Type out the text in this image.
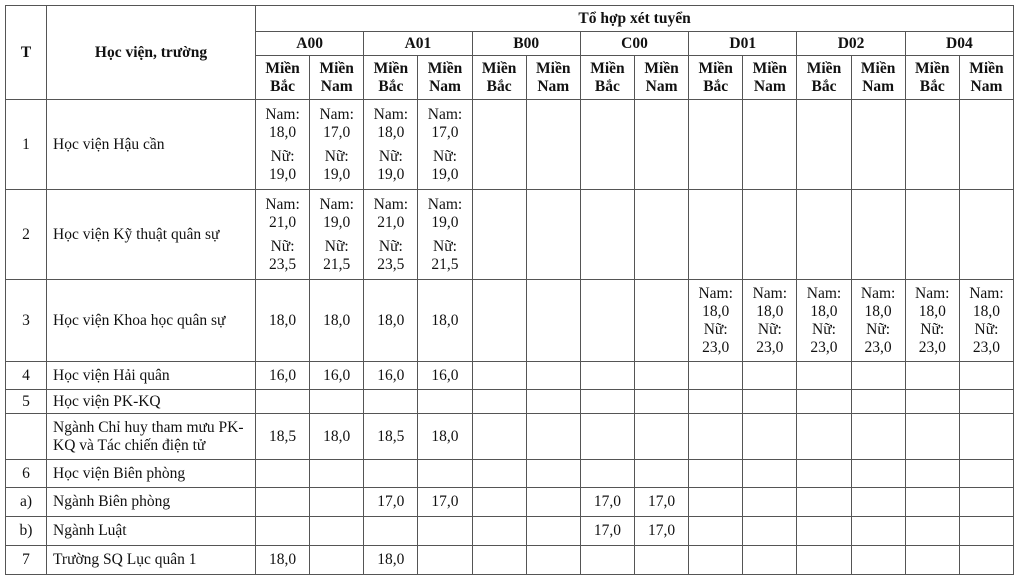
T	Học viện, trường	Tổ hợp xét tuyển													
		A00		A01		B00		C00		D01		D02		D04	
		Miền Bắc	Miền Nam	Miền Bắc	Miền Nam	Miền Bắc	Miền Nam	Miền Bắc	Miền Nam	Miền Bắc	Miền Nam	Miền Bắc	Miền Nam	Miền Bắc	Miền Nam
1	Học viện Hậu cần	Nam:
18,0
Nữ:
19,0	Nam:
17,0
Nữ:
19,0	Nam:
18,0
Nữ:
19,0	Nam:
17,0
Nữ:
19,0										

2	Học viện Kỹ thuật quân sự	Nam:
21,0
Nữ:
23,5	Nam:
19,0
Nữ:
21,5	Nam:
21,0
Nữ:
23,5	Nam:
19,0
Nữ:
21,5										

3	Học viện Khoa học quân sự	18,0	18,0	18,0	18,0					Nam:
18,0
Nữ:
23,0	Nam:
18,0
Nữ:
23,0	Nam:
18,0
Nữ:
23,0	Nam:
18,0
Nữ:
23,0	Nam:
18,0
Nữ:
23,0	Nam:
18,0
Nữ:
23,0

4	Học viện Hải quân	16,0	16,0	16,0	16,0										

5	Học viện PK-KQ														
	Ngành Chỉ huy tham mưu PK-KQ và Tác chiến điện tử	18,5	18,0	18,5	18,0										

6	Học viện Biên phòng														
a)	Ngành Biên phòng			17,0	17,0			17,0	17,0						

b)	Ngành Luật							17,0	17,0						

7	Trường SQ Lục quân 1	18,0		18,0											
